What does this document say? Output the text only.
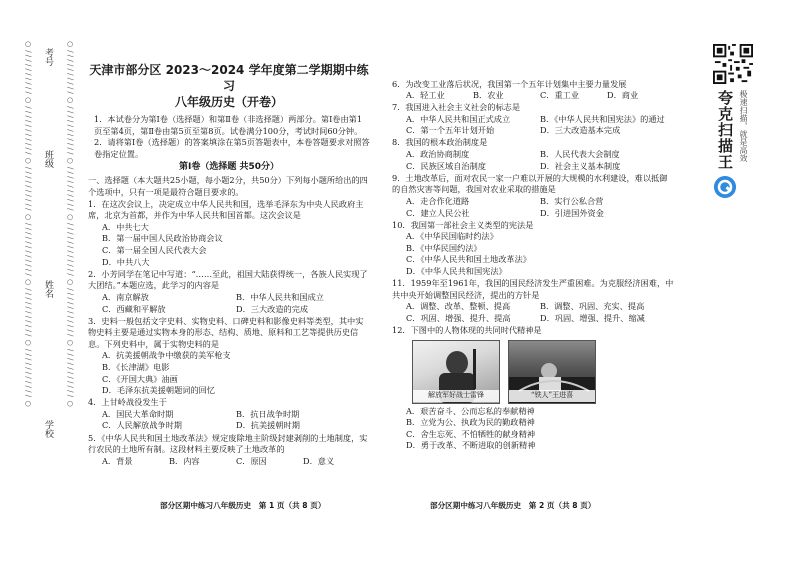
○ / / / / / / / / / / ○ / / / / / / / / / / / ○ / / / / / / / / / / ○ / / / / / / / / / / / / ○ / / / / / / / / / / / ○ / / / / / / / / / / / ○	考号
班级
姓名
学校
○ / / / / / / / / / / ○ / / / / / / / / / / / ○ / / / / / / / / / / ○ / / / / / / / / / / / / ○ / / / / / / / / / / / ○ / / / / / / / / / / / ○ 天津市部分区 2023～2024 学年度第二学期期中练习
八年级历史（开卷）
1．本试卷分为第Ⅰ卷（选择题）和第Ⅱ卷（非选择题）两部分。第Ⅰ卷由第1页至第4页，第Ⅱ卷由第5页至第8页。试卷满分100分，考试时间60分钟。
2．请将第Ⅰ卷（选择题）的答案填涂在第5页答题表中，本卷答题要求对照答卷指定位置。
第Ⅰ卷（选择题 共50分）
一、选择题（本大题共25小题，每小题2分，共50分）下列每小题所给出的四个选项中，只有一项是最符合题目要求的。
1．在这次会议上，决定成立中华人民共和国，选举毛泽东为中央人民政府主席，北京为首都，并作为中华人民共和国首都。这次会议是
A．中共七大
B．第一届中国人民政治协商会议
C．第一届全国人民代表大会
D．中共八大
2．小芳同学在笔记中写道：“……至此，祖国大陆获得统一，各族人民实现了大团结。”本题应选，此学习的内容是
A．南京解放	B．中华人民共和国成立
C．西藏和平解放	D．三大改造的完成
3．史料一般包括文字史料、实物史料、口碑史料和影像史料等类型，其中实物史料主要是通过实物本身的形态、结构、质地、原料和工艺等提供历史信息。下列史料中，属于实物史料的是
A．抗美援朝战争中缴获的美军枪支
B．《长津湖》电影
C．《开国大典》油画
D．毛泽东抗美援朝题词的回忆
4．上甘岭战役发生于
A．国民大革命时期	B．抗日战争时期
C．人民解放战争时期	D．抗美援朝时期
5．《中华人民共和国土地改革法》规定废除地主阶级封建剥削的土地制度，实行农民的土地所有制。这段材料主要反映了土地改革的
A．背景	B．内容	C．原因	D．意义
6．为改变工业落后状况，我国第一个五年计划集中主要力量发展
A．轻工业	B．农业	C．重工业	D．商业
7．我国进入社会主义社会的标志是
A．中华人民共和国正式成立	B．《中华人民共和国宪法》的通过
C．第一个五年计划开始	D．三大改造基本完成
8．我国的根本政治制度是
A．政治协商制度	B．人民代表大会制度
C．民族区域自治制度	D．社会主义基本制度
9．土地改革后，面对农民一家一户难以开展的大规模的水利建设，难以抵御的自然灾害等问题，我国对农业采取的措施是
A．走合作化道路	B．实行公私合营
C．建立人民公社	D．引进国外资金
10．我国第一部社会主义类型的宪法是
A．《中华民国临时约法》
B．《中华民国约法》
C．《中华人民共和国土地改革法》
D．《中华人民共和国宪法》
11．1959年至1961年，我国的国民经济发生严重困难。为克服经济困难，中共中央开始调整国民经济，提出的方针是
A．调整、改革、整顿、提高	B．调整、巩固、充实、提高
C．巩固、增强、提升、提高	D．巩固、增强、提升、缩减
12．下图中的人物体现的共同时代精神是
解放军好战士雷锋	“铁人”王进喜
A．艰苦奋斗、公而忘私的奉献精神
B．立党为公、执政为民的勤政精神
C．舍生忘死、不怕牺牲的献身精神
D．勇于改革、不断进取的创新精神
部分区期中练习八年级历史　第 1 页（共 8 页）	部分区期中练习八年级历史　第 2 页（共 8 页）
夸克扫描王 极速扫描，就是高效
